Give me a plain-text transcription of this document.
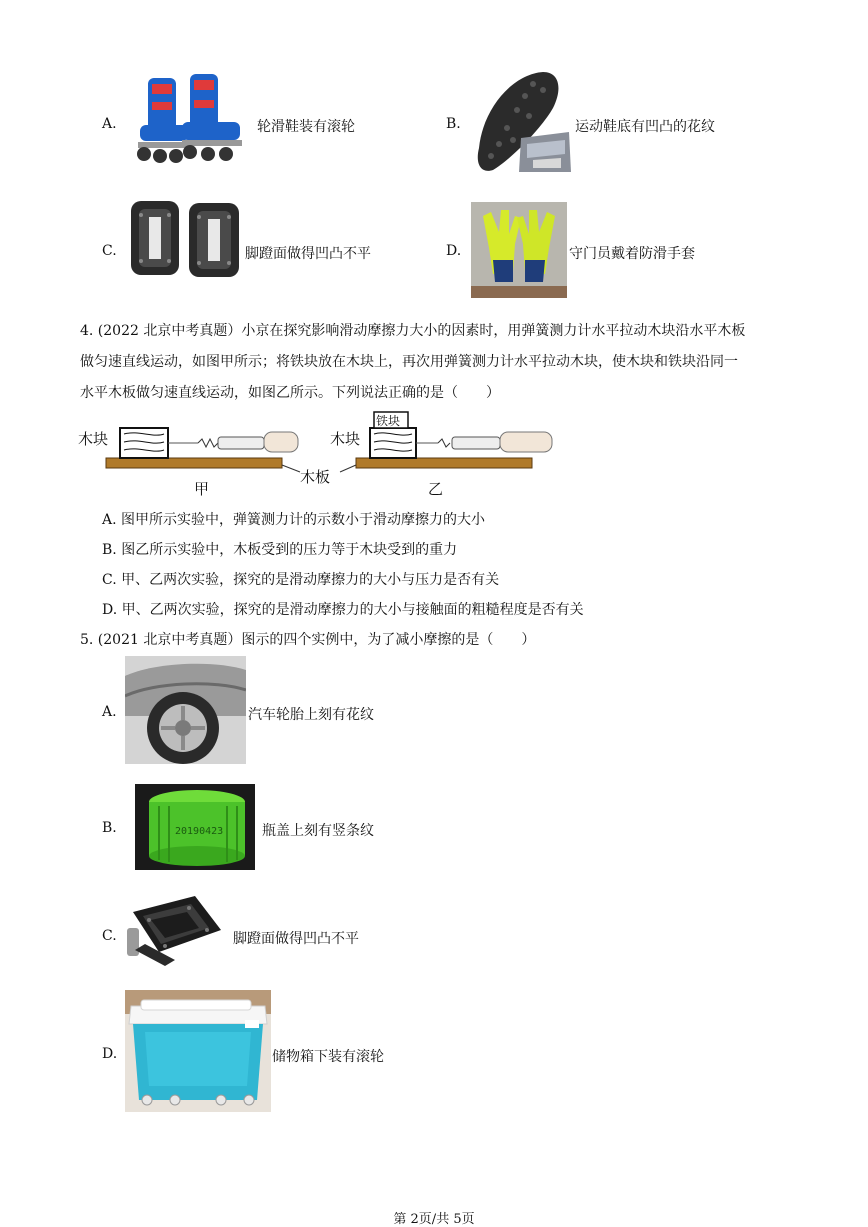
A.	轮滑鞋装有滚轮	B.	运动鞋底有凹凸的花纹
C.	脚蹬面做得凹凸不平	D.	守门员戴着防滑手套
4. (2022 北京中考真题）小京在探究影响滑动摩擦力大小的因素时，用弹簧测力计水平拉动木块沿水平木板
做匀速直线运动，如图甲所示；将铁块放在木块上，再次用弹簧测力计水平拉动木块，使木块和铁块沿同一
水平木板做匀速直线运动，如图乙所示。下列说法正确的是（　　）
木块	木块
铁块
木板
甲	乙
A. 图甲所示实验中，弹簧测力计的示数小于滑动摩擦力的大小
B. 图乙所示实验中，木板受到的压力等于木块受到的重力
C. 甲、乙两次实验，探究的是滑动摩擦力的大小与压力是否有关
D. 甲、乙两次实验，探究的是滑动摩擦力的大小与接触面的粗糙程度是否有关
5. (2021 北京中考真题）图示的四个实例中，为了减小摩擦的是（　　）
A.	汽车轮胎上刻有花纹
B.	20190423	瓶盖上刻有竖条纹
C.	脚蹬面做得凹凸不平
D.	储物箱下装有滚轮
第 2页/共 5页
